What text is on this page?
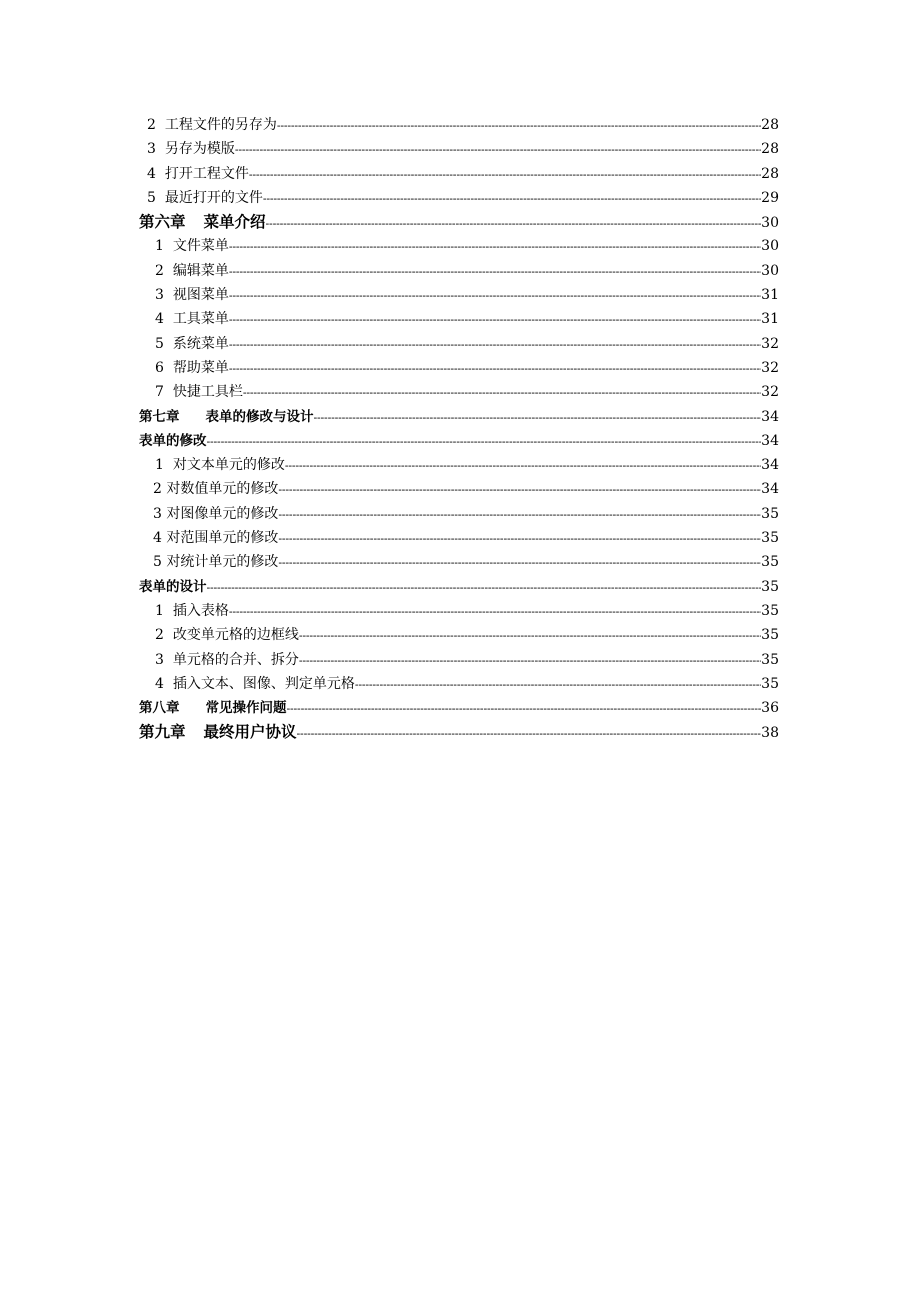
2 工程文件的另存为 -----	28
3 另存为模版 -----	28
4 打开工程文件 -----	28
5 最近打开的文件 -----	29
第六章 菜单介绍 -----	30
1 文件菜单 -----	30
2 编辑菜单 -----	30
3 视图菜单 -----	31
4 工具菜单 -----	31
5 系统菜单 -----	32
6 帮助菜单 -----	32
7 快捷工具栏 -----	32
第七章 表单的修改与设计 -----	34
表单的修改 -----	34
1 对文本单元的修改 -----	34
2 对数值单元的修改 -----	34
3 对图像单元的修改 -----	35
4 对范围单元的修改 -----	35
5 对统计单元的修改 -----	35
表单的设计 -----	35
1 插入表格 -----	35
2 改变单元格的边框线 -----	35
3 单元格的合并、拆分 -----	35
4 插入文本、图像、判定单元格 -----	35
第八章 常见操作问题 -----	36
第九章 最终用户协议 -----	38
